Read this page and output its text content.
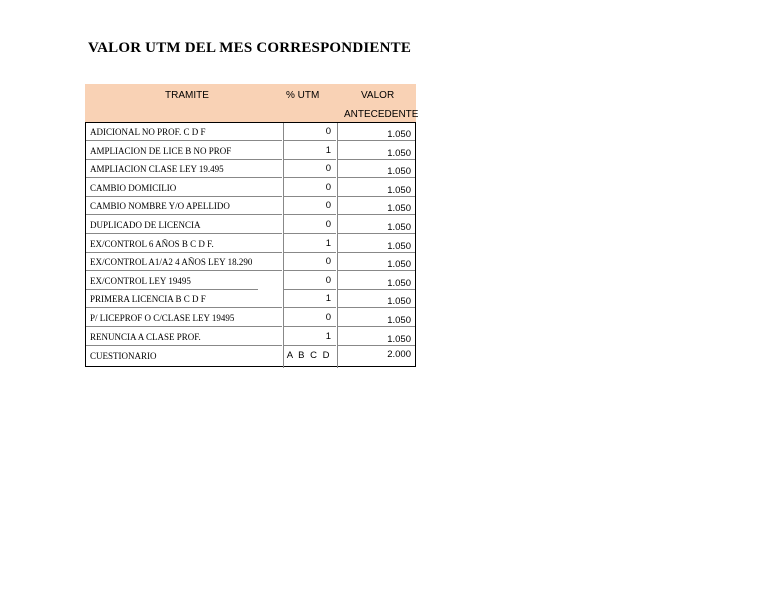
VALOR UTM DEL MES CORRESPONDIENTE
TRAMITE	% UTM	VALOR
ANTECEDENTE
ADICIONAL NO PROF. C D F	0	1.050
AMPLIACION DE LICE B NO PROF	1	1.050
AMPLIACION CLASE LEY 19.495	0	1.050
CAMBIO DOMICILIO	0	1.050
CAMBIO NOMBRE Y/O APELLIDO	0	1.050
DUPLICADO DE LICENCIA	0	1.050
EX/CONTROL 6 AÑOS B C D F.	1	1.050
EX/CONTROL A1/A2 4 AÑOS LEY 18.290	0	1.050
EX/CONTROL LEY 19495	0	1.050
PRIMERA LICENCIA B C D F	1	1.050
P/ LICEPROF O C/CLASE LEY 19495	0	1.050
RENUNCIA A CLASE PROF.	1	1.050
CUESTIONARIO	A B C D	2.000
